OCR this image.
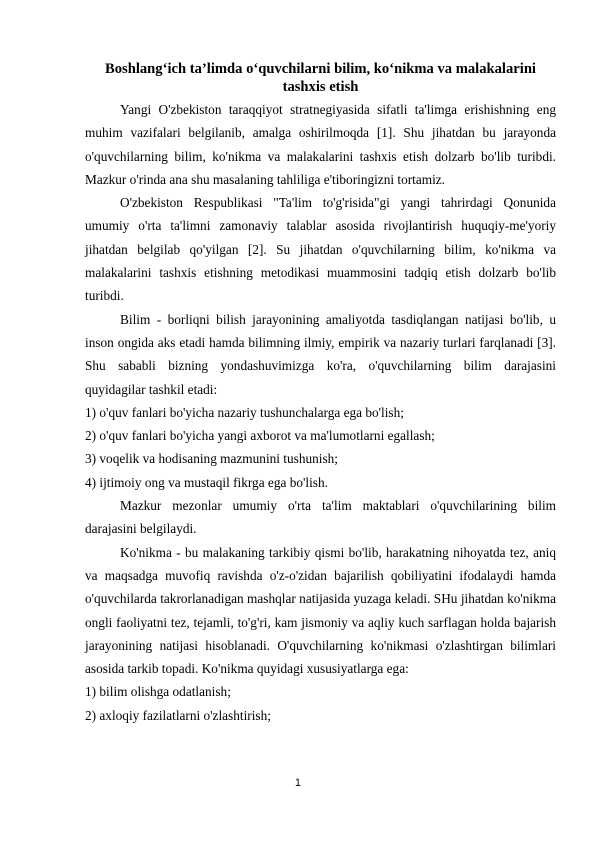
Boshlang‘ich ta’limda o‘quvchilarni bilim, ko‘nikma va malakalarini tashxis etish

Yangi O'zbekiston taraqqiyot stratnegiyasida sifatli ta'limga erishishning eng muhim vazifalari belgilanib, amalga oshirilmoqda [1]. Shu jihatdan bu jarayonda o'quvchilarning bilim, ko'nikma va malakalarini tashxis etish dolzarb bo'lib turibdi. Mazkur o'rinda ana shu masalaning tahliliga e'tiboringizni tortamiz.

O'zbekiston Respublikasi "Ta'lim to'g'risida"gi yangi tahrirdagi Qonunida umumiy o'rta ta'limni zamonaviy talablar asosida rivojlantirish huquqiy-me'yoriy jihatdan belgilab qo'yilgan [2]. Su jihatdan o'quvchilarning bilim, ko'nikma va malakalarini tashxis etishning metodikasi muammosini tadqiq etish dolzarb bo'lib turibdi.

Bilim - borliqni bilish jarayonining amaliyotda tasdiqlangan natijasi bo'lib, u inson ongida aks etadi hamda bilimning ilmiy, empirik va nazariy turlari farqlanadi [3]. Shu sababli bizning yondashuvimizga ko'ra, o'quvchilarning bilim darajasini quyidagilar tashkil etadi:

1) o'quv fanlari bo'yicha nazariy tushunchalarga ega bo'lish;

2) o'quv fanlari bo'yicha yangi axborot va ma'lumotlarni egallash;

3) voqelik va hodisaning mazmunini tushunish;

4) ijtimoiy ong va mustaqil fikrga ega bo'lish.

Mazkur mezonlar umumiy o'rta ta'lim maktablari o'quvchilarining bilim darajasini belgilaydi.

Ko'nikma - bu malakaning tarkibiy qismi bo'lib, harakatning nihoyatda tez, aniq va maqsadga muvofiq ravishda o'z-o'zidan bajarilish qobiliyatini ifodalaydi hamda o'quvchilarda takrorlanadigan mashqlar natijasida yuzaga keladi. SHu jihatdan ko'nikma ongli faoliyatni tez, tejamli, to'g'ri, kam jismoniy va aqliy kuch sarflagan holda bajarish jarayonining natijasi hisoblanadi. O'quvchilarning ko'nikmasi o'zlashtirgan bilimlari asosida tarkib topadi. Ko'nikma quyidagi xususiyatlarga ega:

1) bilim olishga odatlanish;

2) axloqiy fazilatlarni o'zlashtirish;

1
